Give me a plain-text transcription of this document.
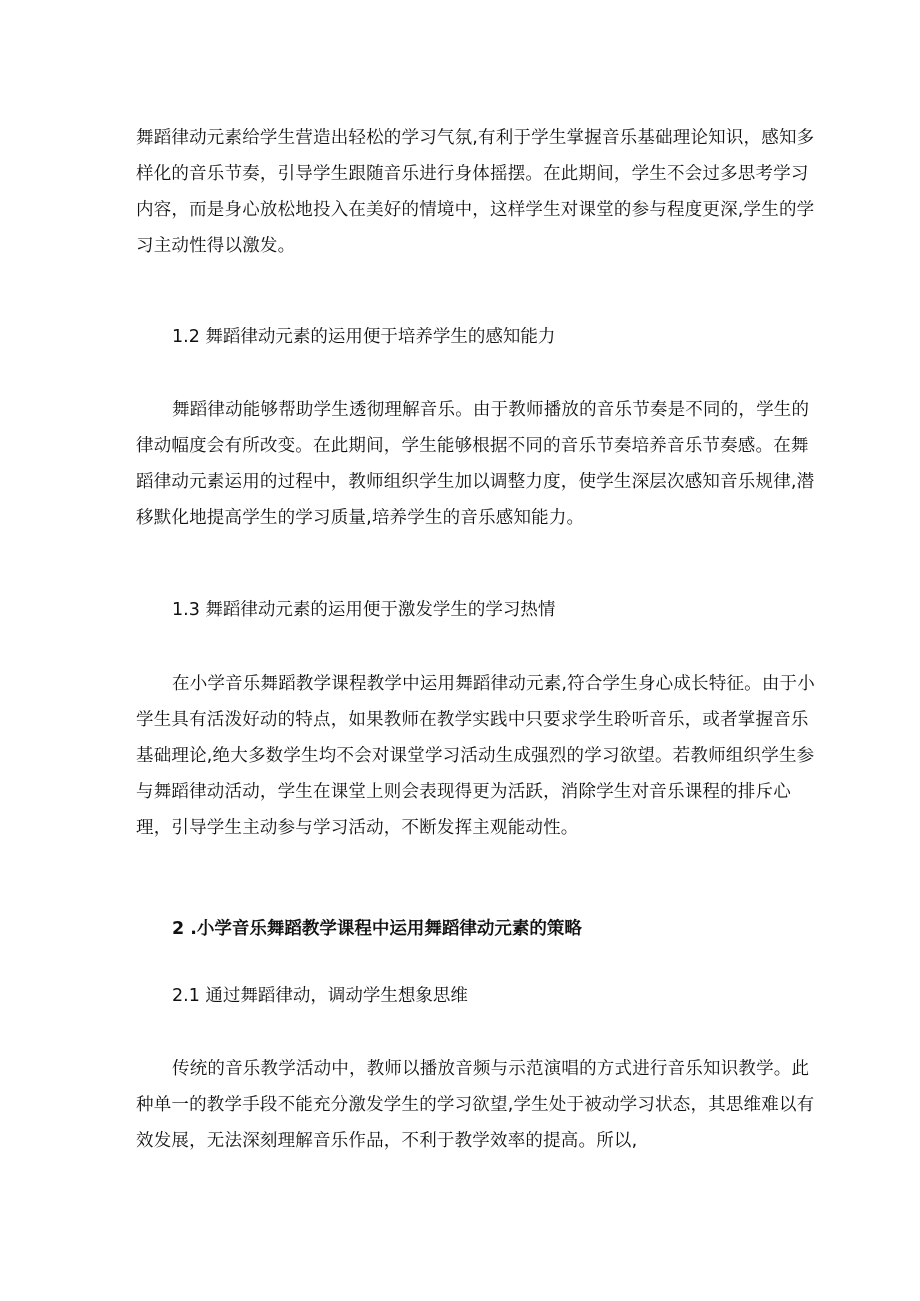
舞蹈律动元素给学生营造出轻松的学习气氛,有利于学生掌握音乐基础理论知识，感知多
样化的音乐节奏，引导学生跟随音乐进行身体摇摆。在此期间，学生不会过多思考学习
内容，而是身心放松地投入在美好的情境中，这样学生对课堂的参与程度更深,学生的学
习主动性得以激发。
1.2 舞蹈律动元素的运用便于培养学生的感知能力
舞蹈律动能够帮助学生透彻理解音乐。由于教师播放的音乐节奏是不同的，学生的
律动幅度会有所改变。在此期间，学生能够根据不同的音乐节奏培养音乐节奏感。在舞
蹈律动元素运用的过程中，教师组织学生加以调整力度，使学生深层次感知音乐规律,潜
移默化地提高学生的学习质量,培养学生的音乐感知能力。
1.3 舞蹈律动元素的运用便于激发学生的学习热情
在小学音乐舞蹈教学课程教学中运用舞蹈律动元素,符合学生身心成长特征。由于小
学生具有活泼好动的特点，如果教师在教学实践中只要求学生聆听音乐，或者掌握音乐
基础理论,绝大多数学生均不会对课堂学习活动生成强烈的学习欲望。若教师组织学生参
与舞蹈律动活动，学生在课堂上则会表现得更为活跃，消除学生对音乐课程的排斥心
理，引导学生主动参与学习活动，不断发挥主观能动性。
2 .小学音乐舞蹈教学课程中运用舞蹈律动元素的策略
2.1 通过舞蹈律动，调动学生想象思维
传统的音乐教学活动中，教师以播放音频与示范演唱的方式进行音乐知识教学。此
种单一的教学手段不能充分激发学生的学习欲望,学生处于被动学习状态，其思维难以有
效发展，无法深刻理解音乐作品，不利于教学效率的提高。所以,
